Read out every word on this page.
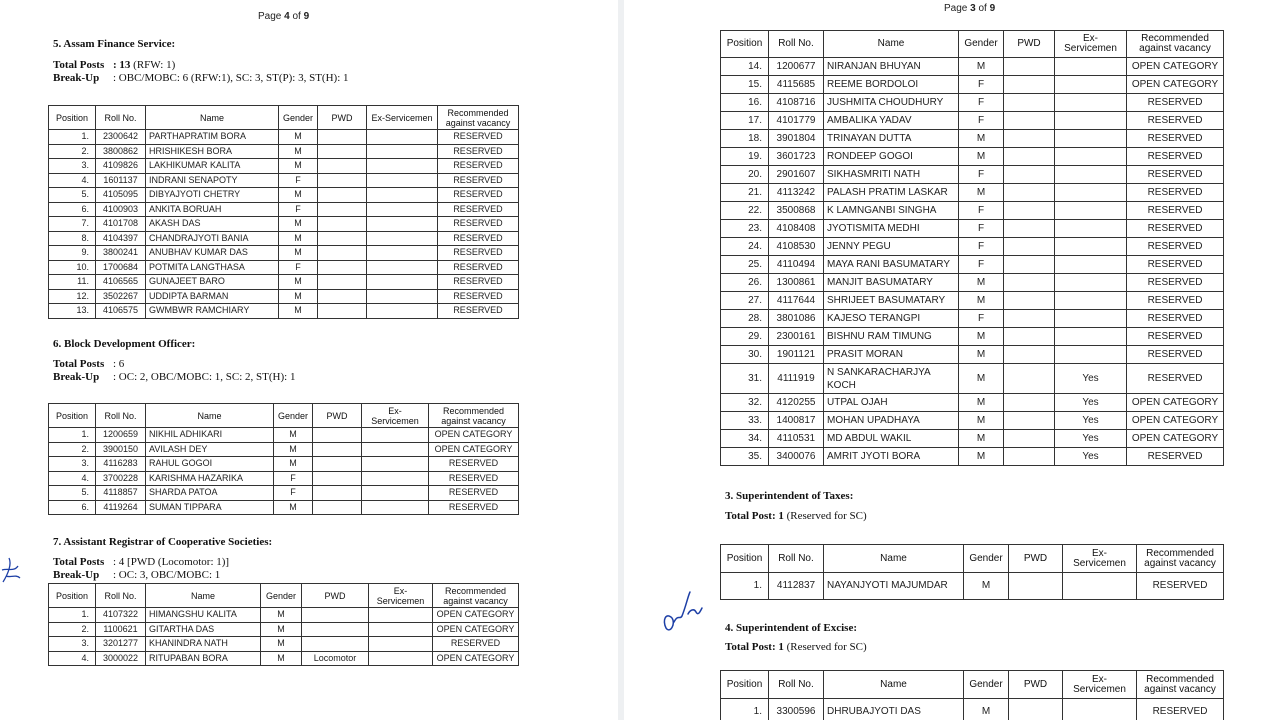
Page 4 of 9
5. Assam Finance Service:
Total Posts : 13 (RFW: 1)
Break-Up : OBC/MOBC: 6 (RFW:1), SC: 3, ST(P): 3, ST(H): 1
Position	Roll No.	Name	Gender	PWD	Ex-Servicemen	Recommended against vacancy
1.	2300642	PARTHAPRATIM BORA	M			RESERVED
2.	3800862	HRISHIKESH BORA	M			RESERVED
3.	4109826	LAKHIKUMAR KALITA	M			RESERVED
4.	1601137	INDRANI SENAPOTY	F			RESERVED
5.	4105095	DIBYAJYOTI CHETRY	M			RESERVED
6.	4100903	ANKITA BORUAH	F			RESERVED
7.	4101708	AKASH DAS	M			RESERVED
8.	4104397	CHANDRAJYOTI BANIA	M			RESERVED
9.	3800241	ANUBHAV KUMAR DAS	M			RESERVED
10.	1700684	POTMITA LANGTHASA	F			RESERVED
11.	4106565	GUNAJEET BARO	M			RESERVED
12.	3502267	UDDIPTA BARMAN	M			RESERVED
13.	4106575	GWMBWR RAMCHIARY	M			RESERVED
6. Block Development Officer:
Total Posts : 6
Break-Up : OC: 2, OBC/MOBC: 1, SC: 2, ST(H): 1
Position	Roll No.	Name	Gender	PWD	Ex-Servicemen	Recommended against vacancy
1.	1200659	NIKHIL ADHIKARI	M			OPEN CATEGORY
2.	3900150	AVILASH DEY	M			OPEN CATEGORY
3.	4116283	RAHUL GOGOI	M			RESERVED
4.	3700228	KARISHMA HAZARIKA	F			RESERVED
5.	4118857	SHARDA PATOA	F			RESERVED
6.	4119264	SUMAN TIPPARA	M			RESERVED
7. Assistant Registrar of Cooperative Societies:
Total Posts : 4 [PWD (Locomotor: 1)]
Break-Up : OC: 3, OBC/MOBC: 1
Position	Roll No.	Name	Gender	PWD	Ex-Servicemen	Recommended against vacancy
1.	4107322	HIMANGSHU KALITA	M			OPEN CATEGORY
2.	1100621	GITARTHA DAS	M			OPEN CATEGORY
3.	3201277	KHANINDRA NATH	M			RESERVED
4.	3000022	RITUPABAN BORA	M	Locomotor		OPEN CATEGORY
Page 3 of 9
Position	Roll No.	Name	Gender	PWD	Ex-Servicemen	Recommended against vacancy
14.	1200677	NIRANJAN BHUYAN	M			OPEN CATEGORY
15.	4115685	REEME BORDOLOI	F			OPEN CATEGORY
16.	4108716	JUSHMITA CHOUDHURY	F			RESERVED
17.	4101779	AMBALIKA YADAV	F			RESERVED
18.	3901804	TRINAYAN DUTTA	M			RESERVED
19.	3601723	RONDEEP GOGOI	M			RESERVED
20.	2901607	SIKHASMRITI NATH	F			RESERVED
21.	4113242	PALASH PRATIM LASKAR	M			RESERVED
22.	3500868	K LAMNGANBI SINGHA	F			RESERVED
23.	4108408	JYOTISMITA MEDHI	F			RESERVED
24.	4108530	JENNY PEGU	F			RESERVED
25.	4110494	MAYA RANI BASUMATARY	F			RESERVED
26.	1300861	MANJIT BASUMATARY	M			RESERVED
27.	4117644	SHRIJEET BASUMATARY	M			RESERVED
28.	3801086	KAJESO TERANGPI	F			RESERVED
29.	2300161	BISHNU RAM TIMUNG	M			RESERVED
30.	1901121	PRASIT MORAN	M			RESERVED
31.	4111919	N SANKARACHARJYA KOCH	M		Yes	RESERVED
32.	4120255	UTPAL OJAH	M		Yes	OPEN CATEGORY
33.	1400817	MOHAN UPADHAYA	M		Yes	OPEN CATEGORY
34.	4110531	MD ABDUL WAKIL	M		Yes	OPEN CATEGORY
35.	3400076	AMRIT JYOTI BORA	M		Yes	RESERVED
3. Superintendent of Taxes:
Total Post: 1 (Reserved for SC)
Position	Roll No.	Name	Gender	PWD	Ex-Servicemen	Recommended against vacancy
1.	4112837	NAYANJYOTI MAJUMDAR	M			RESERVED
4. Superintendent of Excise:
Total Post: 1 (Reserved for SC)
Position	Roll No.	Name	Gender	PWD	Ex-Servicemen	Recommended against vacancy
1.	3300596	DHRUBAJYOTI DAS	M			RESERVED
